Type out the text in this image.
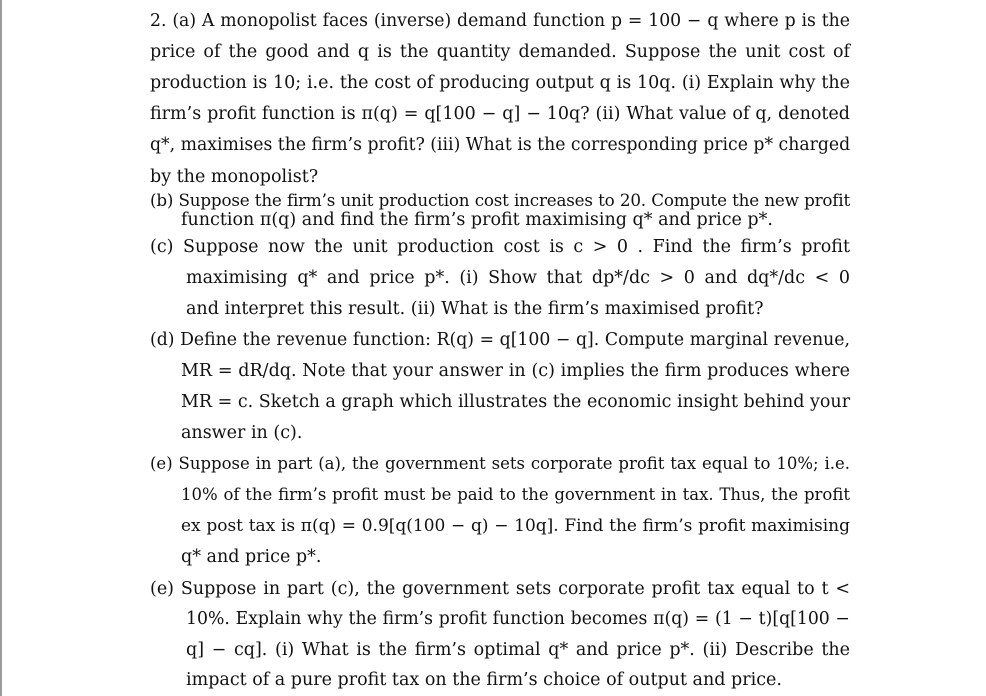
2. (a) A monopolist faces (inverse) demand function p = 100 − q where p is the
price of the good and q is the quantity demanded. Suppose the unit cost of
production is 10; i.e. the cost of producing output q is 10q. (i) Explain why the
firm’s profit function is π(q) = q[100 − q] − 10q? (ii) What value of q, denoted
q*, maximises the firm’s profit? (iii) What is the corresponding price p* charged
by the monopolist?
(b) Suppose the firm’s unit production cost increases to 20. Compute the new profit
function π(q) and find the firm’s profit maximising q* and price p*.
(c) Suppose now the unit production cost is c > 0 . Find the firm’s profit
maximising q* and price p*. (i) Show that dp*/dc > 0 and dq*/dc < 0
and interpret this result. (ii) What is the firm’s maximised profit?
(d) Define the revenue function: R(q) = q[100 − q]. Compute marginal revenue,
MR = dR/dq. Note that your answer in (c) implies the firm produces where
MR = c. Sketch a graph which illustrates the economic insight behind your
answer in (c).
(e) Suppose in part (a), the government sets corporate profit tax equal to 10%; i.e.
10% of the firm’s profit must be paid to the government in tax. Thus, the profit
ex post tax is π(q) = 0.9[q(100 − q) − 10q]. Find the firm’s profit maximising
q* and price p*.
(e) Suppose in part (c), the government sets corporate profit tax equal to t <
10%. Explain why the firm’s profit function becomes π(q) = (1 − t)[q[100 −
q] − cq]. (i) What is the firm’s optimal q* and price p*. (ii) Describe the
impact of a pure profit tax on the firm’s choice of output and price.
